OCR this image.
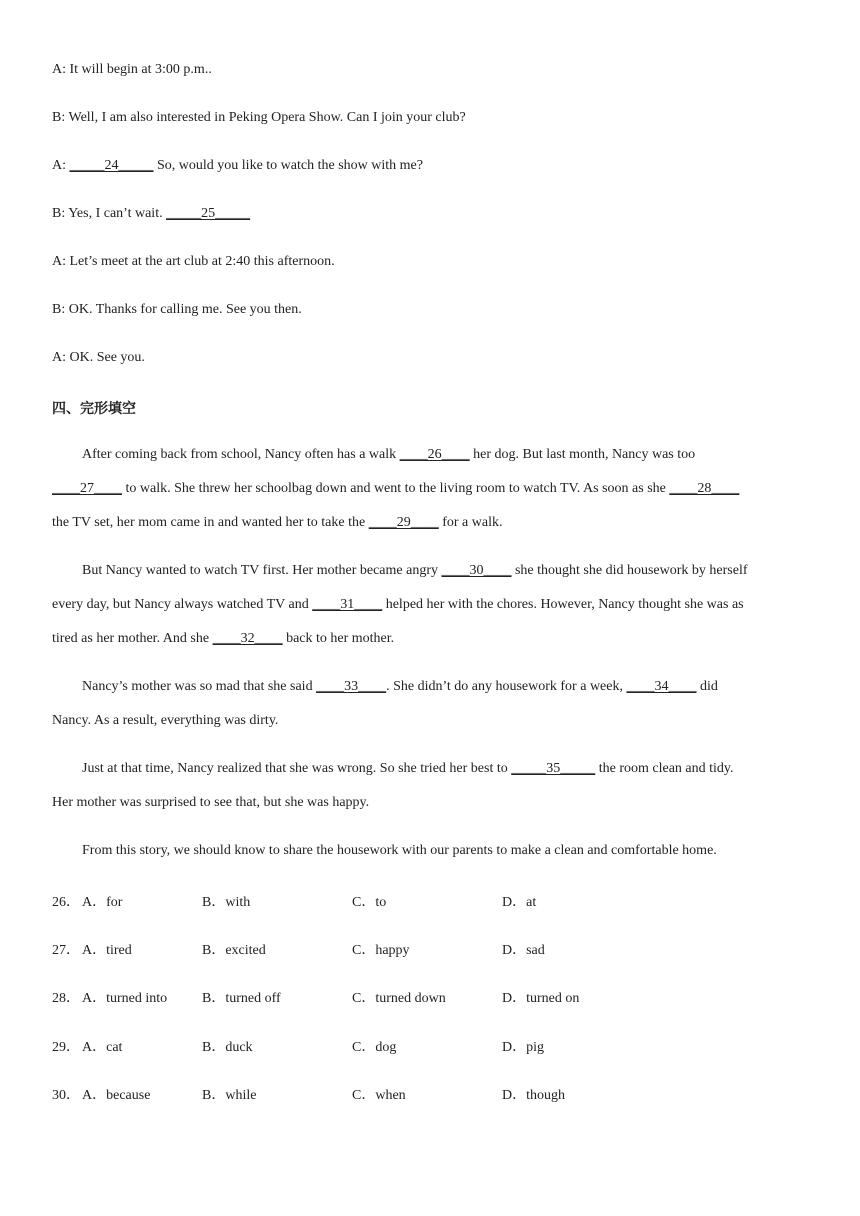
A: It will begin at 3:00 p.m..
B: Well, I am also interested in Peking Opera Show. Can I join your club?
A: _____24_____ So, would you like to watch the show with me?
B: Yes, I can’t wait. _____25_____
A: Let’s meet at the art club at 2:40 this afternoon.
B: OK. Thanks for calling me. See you then.
A: OK. See you.
四、完形填空
After coming back from school, Nancy often has a walk ____26____ her dog. But last month, Nancy was too
____27____ to walk. She threw her schoolbag down and went to the living room to watch TV. As soon as she ____28____
the TV set, her mom came in and wanted her to take the ____29____ for a walk.
But Nancy wanted to watch TV first. Her mother became angry ____30____ she thought she did housework by herself
every day, but Nancy always watched TV and ____31____ helped her with the chores. However, Nancy thought she was as
tired as her mother. And she ____32____ back to her mother.
Nancy’s mother was so mad that she said ____33____. She didn’t do any housework for a week, ____34____ did
Nancy. As a result, everything was dirty.
Just at that time, Nancy realized that she was wrong. So she tried her best to _____35_____ the room clean and tidy.
Her mother was surprised to see that, but she was happy.
From this story, we should know to share the housework with our parents to make a clean and comfortable home.
26． A．for	B．with	C．to	D．at
27． A．tired	B．excited	C．happy	D．sad
28． A．turned into B．turned off	C．turned down	D．turned on
29． A．cat	B．duck	C．dog	D．pig
30． A．because	B．while	C．when	D．though
